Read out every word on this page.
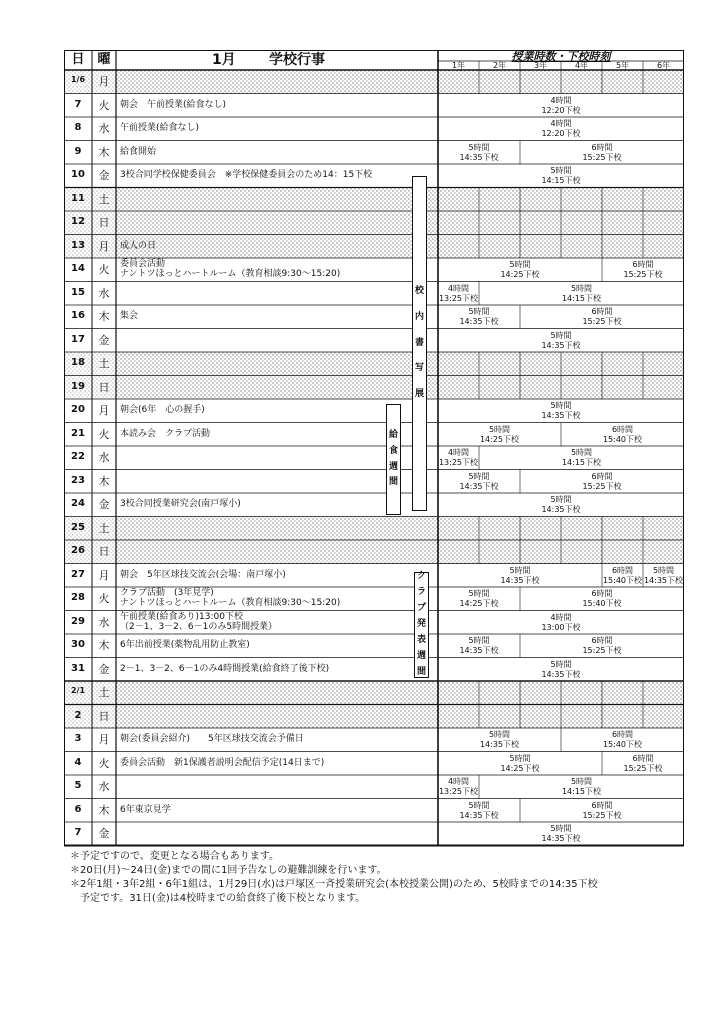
1/6	月
7	火	朝会　午前授業(給食なし)	4時間
12:20下校
8	水	午前授業(給食なし)	4時間
12:20下校
9	木	給食開始	5時間
14:35下校
6時間
15:25下校
10	金	3校合同学校保健委員会　※学校保健委員会のため14：15下校	5時間
14:15下校
11	土
12	日
13	月	成人の日
14	火	委員会活動
ナントツほっとハートルーム（教育相談9:30～15:20)
5時間
14:25下校
6時間
15:25下校
15	水	4時間
13:25下校
5時間
14:15下校
16	木	集会	5時間
14:35下校
6時間
15:25下校
17	金	5時間
14:35下校
18	土
19	日
20	月	朝会(6年　心の握手)	5時間
14:35下校
21	火	本読み会　クラブ活動	5時間
14:25下校
6時間
15:40下校
22	水	4時間
13:25下校
5時間
14:15下校
23	木	5時間
14:35下校
6時間
15:25下校
24	金	3校合同授業研究会(南戸塚小)	5時間
14:35下校
25	土
26	日
27	月	朝会　5年区球技交流会(会場：南戸塚小)	5時間
14:35下校
6時間
15:40下校
5時間
14:35下校
28	火	クラブ活動　(3年見学)
ナントツほっとハートルーム（教育相談9:30～15:20)
5時間
14:25下校
6時間
15:40下校
29	水	午前授業(給食あり)13:00下校
（2－1、3－2、6－1のみ5時間授業）
4時間
13:00下校
30	木	6年出前授業(薬物乱用防止教室)	5時間
14:35下校
6時間
15:25下校
31	金	2－1、3－2、6－1のみ4時間授業(給食終了後下校)	5時間
14:35下校
2/1	土
2	日
3	月	朝会(委員会紹介)　　5年区球技交流会予備日	5時間
14:35下校
6時間
15:40下校
4	火	委員会活動　新1保護者説明会配信予定(14日まで)	5時間
14:25下校
6時間
15:25下校
5	水	4時間
13:25下校
5時間
14:15下校
6	木	6年東京見学	5時間
14:35下校
6時間
15:25下校
7	金	5時間
14:35下校
日 曜	1月 学校行事	授業時数・下校時刻
1年	2年	3年	4年	5年	6年
校
内
書
写
展
給
食
週
間
ク
ラ
ブ
発
表
週
間
＊予定ですので、変更となる場合もあります。
＊20日(月)～24日(金)までの間に1回予告なしの避難訓練を行います。
＊2年1組・3年2組・6年1組は、1月29日(水)は戸塚区一斉授業研究会(本校授業公開)のため、5校時までの14:35下校
　予定です。31日(金)は4校時までの給食終了後下校となります。
